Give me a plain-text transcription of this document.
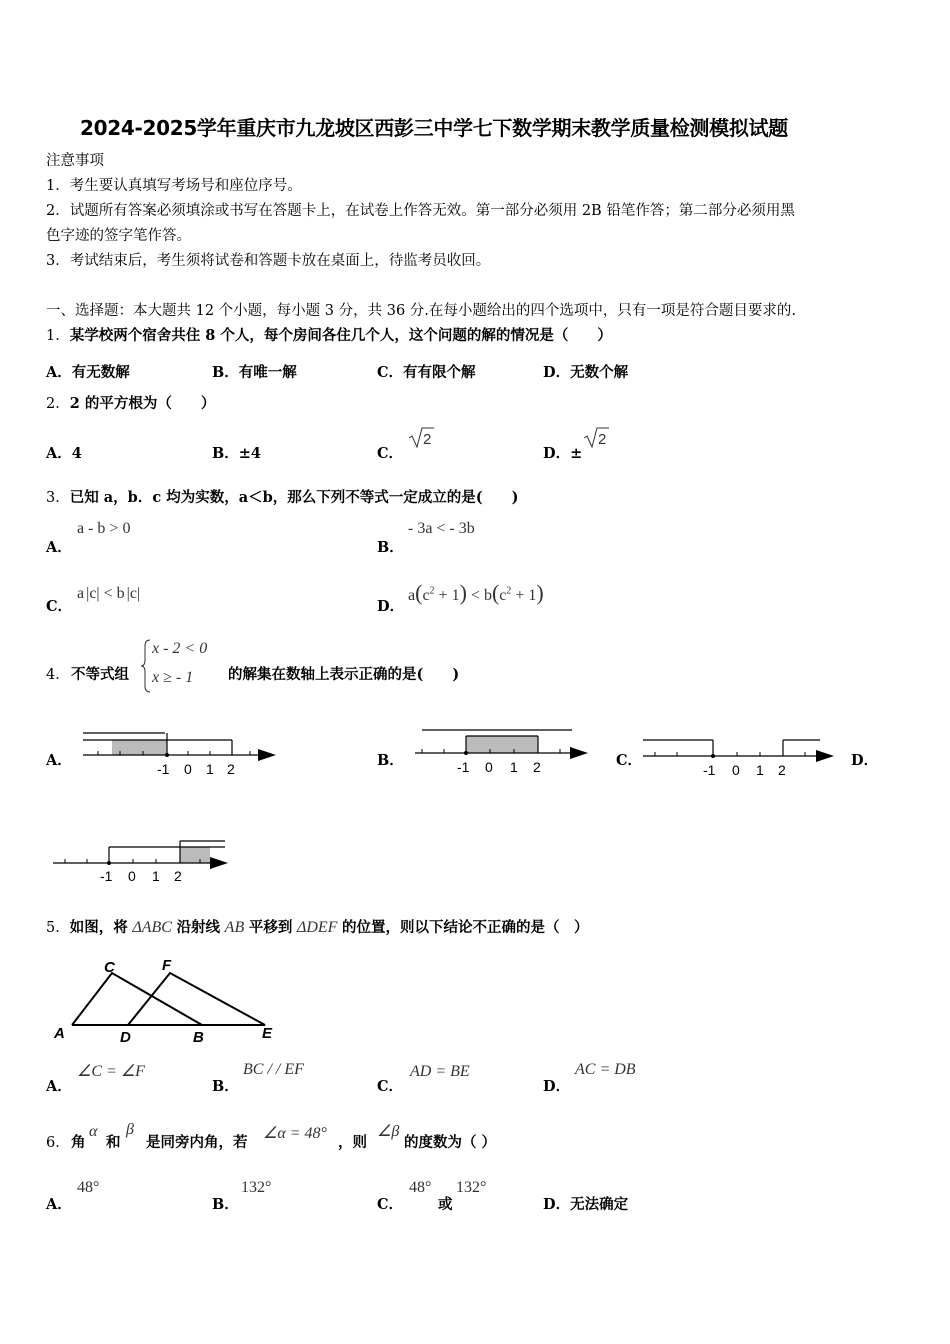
2024-2025学年重庆市九龙坡区西彭三中学七下数学期末教学质量检测模拟试题
注意事项
1．考生要认真填写考场号和座位序号。
2．试题所有答案必须填涂或书写在答题卡上，在试卷上作答无效。第一部分必须用 2B 铅笔作答；第二部分必须用黑
色字迹的签字笔作答。
3．考试结束后，考生须将试卷和答题卡放在桌面上，待监考员收回。
一、选择题：本大题共 12 个小题，每小题 3 分，共 36 分.在每小题给出的四个选项中，只有一项是符合题目要求的.
1．某学校两个宿舍共住 8 个人，每个房间各住几个人，这个问题的解的情况是（　　）
A．有无数解	B．有唯一解	C．有有限个解	D．无数个解
2．2 的平方根为（　　）
A．4	B．±4	C．
2
D．±
2
3．已知 a，b．c 均为实数，a＜b，那么下列不等式一定成立的是(　　)
A．
a - b > 0
B．
- 3a < - 3b
C．
a |c| < b |c|
D．
$a(c^2 + 1) < b(c^2 + 1)$
4． 不等式组
x - 2 < 0
x ≥ - 1 的解集在数轴上表示正确的是(　　)
A．	-1 0 1 2	B．	-1 0 1 2	C．
-1 0 1 2
D．
-1 0 1 2
5．如图，将 ΔABC 沿射线 AB 平移到 ΔDEF 的位置，则以下结论不正确的是（　）
C	F
A	D	B	E
A．
∠C = ∠F
B．
BC / / EF
C．
AD = BE
D．
AC = DB
6． 角
α
和
β
是同旁内角，若
∠α = 48°
，则
∠β
的度数为（ ）
A．
48°
B．
132°
C．
48°
或
132°
D．无法确定
